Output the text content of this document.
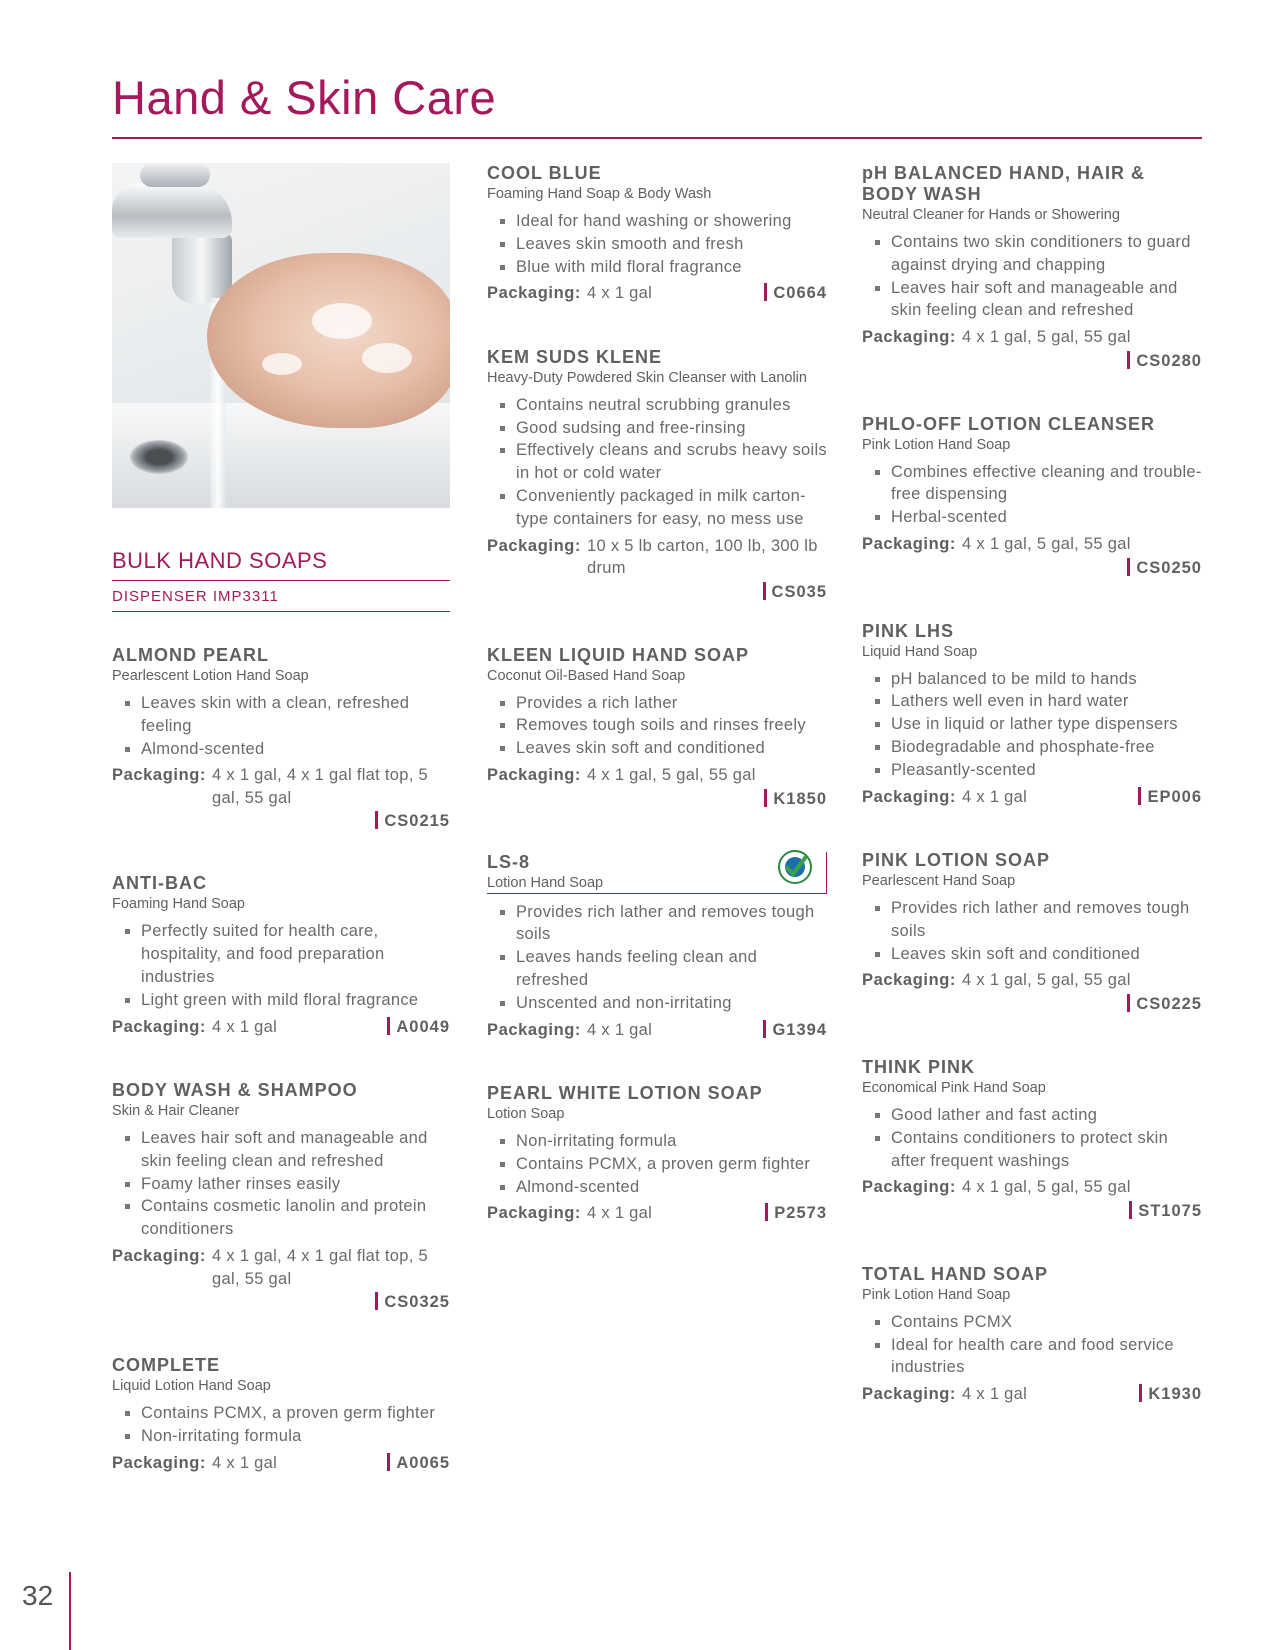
Hand & Skin Care
BULK HAND SOAPS
DISPENSER IMP3311
ALMOND PEARL
Pearlescent Lotion Hand Soap
Leaves skin with a clean, refreshed feeling
Almond-scented
Packaging: 4 x 1 gal, 4 x 1 gal flat top, 5 gal, 55 gal
CS0215
ANTI-BAC
Foaming Hand Soap
Perfectly suited for health care, hospitality, and food preparation industries
Light green with mild floral fragrance
Packaging: 4 x 1 gal	A0049
BODY WASH & SHAMPOO
Skin & Hair Cleaner
Leaves hair soft and manageable and skin feeling clean and refreshed
Foamy lather rinses easily
Contains cosmetic lanolin and protein conditioners
Packaging: 4 x 1 gal, 4 x 1 gal flat top, 5 gal, 55 gal
CS0325
COMPLETE
Liquid Lotion Hand Soap
Contains PCMX, a proven germ fighter
Non-irritating formula
Packaging: 4 x 1 gal	A0065
COOL BLUE
Foaming Hand Soap & Body Wash
Ideal for hand washing or showering
Leaves skin smooth and fresh
Blue with mild floral fragrance
Packaging: 4 x 1 gal	C0664
KEM SUDS KLENE
Heavy-Duty Powdered Skin Cleanser with Lanolin
Contains neutral scrubbing granules
Good sudsing and free-rinsing
Effectively cleans and scrubs heavy soils in hot or cold water
Conveniently packaged in milk carton-type containers for easy, no mess use
Packaging: 10 x 5 lb carton, 100 lb, 300 lb drum
CS035
KLEEN LIQUID HAND SOAP
Coconut Oil-Based Hand Soap
Provides a rich lather
Removes tough soils and rinses freely
Leaves skin soft and conditioned
Packaging: 4 x 1 gal, 5 gal, 55 gal
K1850
LS-8
Lotion Hand Soap
Provides rich lather and removes tough soils
Leaves hands feeling clean and refreshed
Unscented and non-irritating
Packaging: 4 x 1 gal	G1394
PEARL WHITE LOTION SOAP
Lotion Soap
Non-irritating formula
Contains PCMX, a proven germ fighter
Almond-scented
Packaging: 4 x 1 gal	P2573
pH BALANCED HAND, HAIR & BODY WASH
Neutral Cleaner for Hands or Showering
Contains two skin conditioners to guard against drying and chapping
Leaves hair soft and manageable and skin feeling clean and refreshed
Packaging: 4 x 1 gal, 5 gal, 55 gal
CS0280
PHLO-OFF LOTION CLEANSER
Pink Lotion Hand Soap
Combines effective cleaning and trouble-free dispensing
Herbal-scented
Packaging: 4 x 1 gal, 5 gal, 55 gal
CS0250
PINK LHS
Liquid Hand Soap
pH balanced to be mild to hands
Lathers well even in hard water
Use in liquid or lather type dispensers
Biodegradable and phosphate-free
Pleasantly-scented
Packaging: 4 x 1 gal	EP006
PINK LOTION SOAP
Pearlescent Hand Soap
Provides rich lather and removes tough soils
Leaves skin soft and conditioned
Packaging: 4 x 1 gal, 5 gal, 55 gal
CS0225
THINK PINK
Economical Pink Hand Soap
Good lather and fast acting
Contains conditioners to protect skin after frequent washings
Packaging: 4 x 1 gal, 5 gal, 55 gal
ST1075
TOTAL HAND SOAP
Pink Lotion Hand Soap
Contains PCMX
Ideal for health care and food service industries
Packaging: 4 x 1 gal	K1930
32
